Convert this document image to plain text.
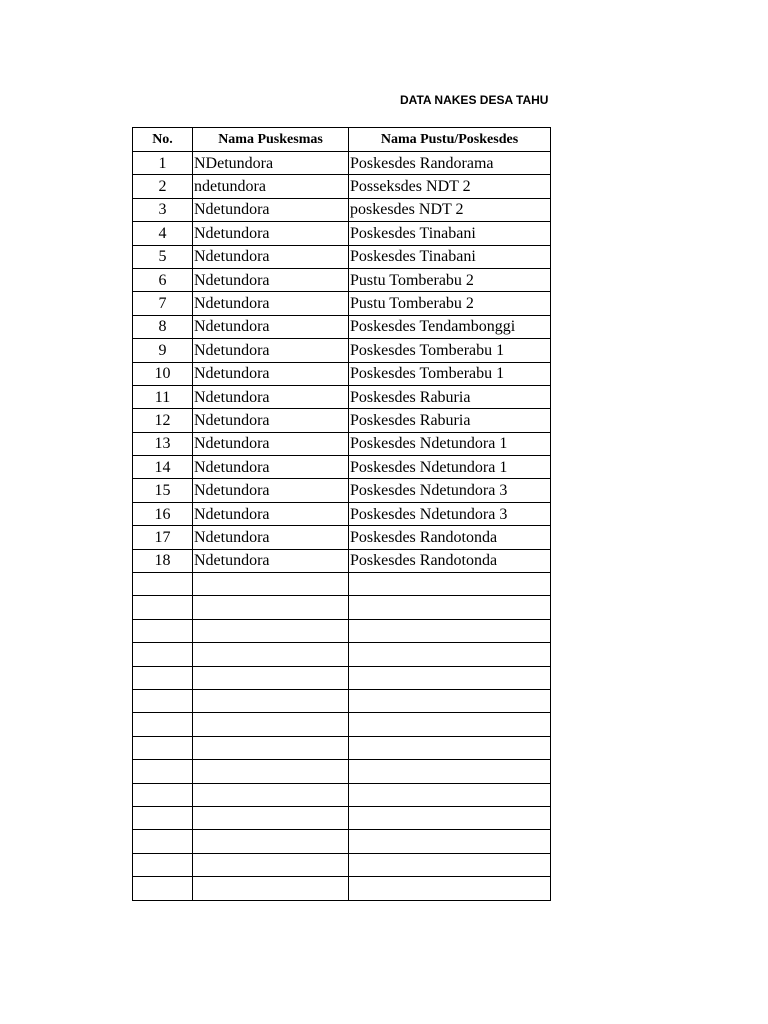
DATA NAKES DESA TAHU
No.	Nama Puskesmas	Nama Pustu/Poskesdes
1	NDetundora	Poskesdes Randorama
2	ndetundora	Posseksdes NDT 2
3	Ndetundora	poskesdes NDT 2
4	Ndetundora	Poskesdes Tinabani
5	Ndetundora	Poskesdes Tinabani
6	Ndetundora	Pustu Tomberabu 2
7	Ndetundora	Pustu Tomberabu 2
8	Ndetundora	Poskesdes Tendambonggi
9	Ndetundora	Poskesdes Tomberabu 1
10	Ndetundora	Poskesdes Tomberabu 1
11	Ndetundora	Poskesdes Raburia
12	Ndetundora	Poskesdes Raburia
13	Ndetundora	Poskesdes Ndetundora 1
14	Ndetundora	Poskesdes Ndetundora 1
15	Ndetundora	Poskesdes Ndetundora 3
16	Ndetundora	Poskesdes Ndetundora 3
17	Ndetundora	Poskesdes Randotonda
18	Ndetundora	Poskesdes Randotonda
